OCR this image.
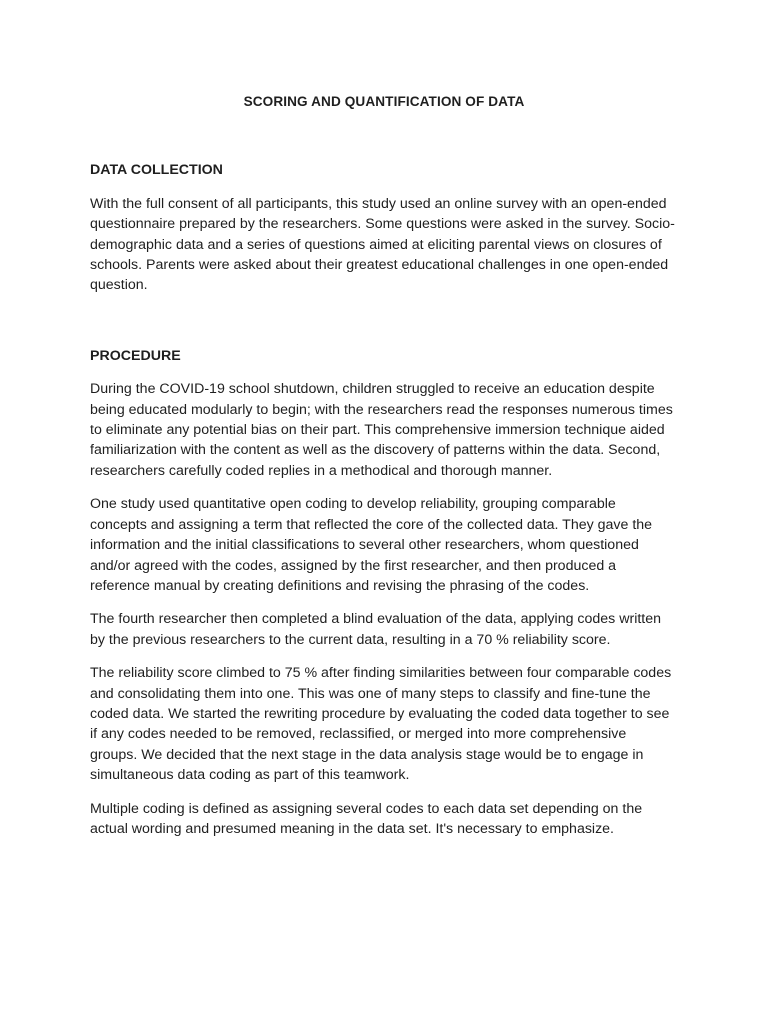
SCORING AND QUANTIFICATION OF DATA
DATA COLLECTION

With the full consent of all participants, this study used an online survey with an open-ended questionnaire prepared by the researchers. Some questions were asked in the survey. Socio-demographic data and a series of questions aimed at eliciting parental views on closures of schools. Parents were asked about their greatest educational challenges in one open-ended question.

PROCEDURE

During the COVID-19 school shutdown, children struggled to receive an education despite being educated modularly to begin; with the researchers read the responses numerous times to eliminate any potential bias on their part. This comprehensive immersion technique aided familiarization with the content as well as the discovery of patterns within the data. Second, researchers carefully coded replies in a methodical and thorough manner.

One study used quantitative open coding to develop reliability, grouping comparable concepts and assigning a term that reflected the core of the collected data. They gave the information and the initial classifications to several other researchers, whom questioned and/or agreed with the codes, assigned by the first researcher, and then produced a reference manual by creating definitions and revising the phrasing of the codes.

The fourth researcher then completed a blind evaluation of the data, applying codes written by the previous researchers to the current data, resulting in a 70 % reliability score.

The reliability score climbed to 75 % after finding similarities between four comparable codes and consolidating them into one. This was one of many steps to classify and fine-tune the coded data. We started the rewriting procedure by evaluating the coded data together to see if any codes needed to be removed, reclassified, or merged into more comprehensive groups. We decided that the next stage in the data analysis stage would be to engage in simultaneous data coding as part of this teamwork.

Multiple coding is defined as assigning several codes to each data set depending on the actual wording and presumed meaning in the data set. It's necessary to emphasize.
